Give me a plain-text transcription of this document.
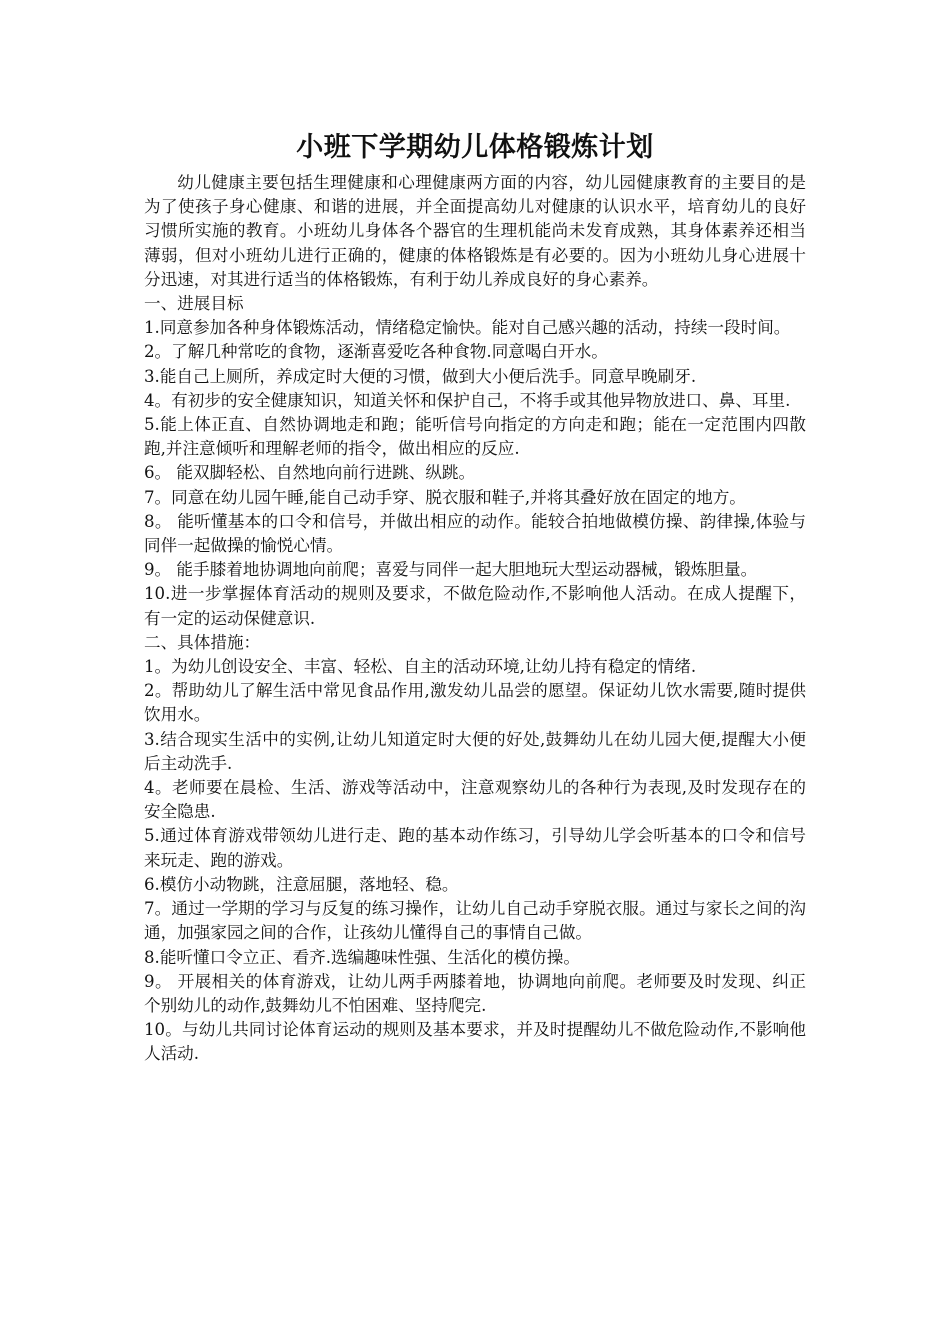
小班下学期幼儿体格锻炼计划

幼儿健康主要包括生理健康和心理健康两方面的内容，幼儿园健康教育的主要目的是为了使孩子身心健康、和谐的进展，并全面提高幼儿对健康的认识水平，培育幼儿的良好习惯所实施的教育。小班幼儿身体各个器官的生理机能尚未发育成熟，其身体素养还相当薄弱，但对小班幼儿进行正确的，健康的体格锻炼是有必要的。因为小班幼儿身心进展十分迅速，对其进行适当的体格锻炼，有利于幼儿养成良好的身心素养。

一、进展目标

1.同意参加各种身体锻炼活动，情绪稳定愉快。能对自己感兴趣的活动，持续一段时间。

2。了解几种常吃的食物，逐渐喜爱吃各种食物.同意喝白开水。

3.能自己上厕所，养成定时大便的习惯，做到大小便后洗手。同意早晚刷牙.

4。有初步的安全健康知识，知道关怀和保护自己，不将手或其他异物放进口、鼻、耳里.

5.能上体正直、自然协调地走和跑；能听信号向指定的方向走和跑；能在一定范围内四散跑,并注意倾听和理解老师的指令，做出相应的反应.

6。 能双脚轻松、自然地向前行进跳、纵跳。

7。同意在幼儿园午睡,能自己动手穿、脱衣服和鞋子,并将其叠好放在固定的地方。

8。 能听懂基本的口令和信号，并做出相应的动作。能较合拍地做模仿操、韵律操,体验与同伴一起做操的愉悦心情。

9。 能手膝着地协调地向前爬；喜爱与同伴一起大胆地玩大型运动器械，锻炼胆量。

10.进一步掌握体育活动的规则及要求，不做危险动作,不影响他人活动。在成人提醒下，有一定的运动保健意识.

二、具体措施：

1。为幼儿创设安全、丰富、轻松、自主的活动环境,让幼儿持有稳定的情绪.

2。帮助幼儿了解生活中常见食品作用,激发幼儿品尝的愿望。保证幼儿饮水需要,随时提供饮用水。

3.结合现实生活中的实例,让幼儿知道定时大便的好处,鼓舞幼儿在幼儿园大便,提醒大小便后主动洗手.

4。老师要在晨检、生活、游戏等活动中，注意观察幼儿的各种行为表现,及时发现存在的安全隐患.

5.通过体育游戏带领幼儿进行走、跑的基本动作练习，引导幼儿学会听基本的口令和信号来玩走、跑的游戏。

6.模仿小动物跳，注意屈腿，落地轻、稳。

7。通过一学期的学习与反复的练习操作，让幼儿自己动手穿脱衣服。通过与家长之间的沟通，加强家园之间的合作，让孩幼儿懂得自己的事情自己做。

8.能听懂口令立正、看齐.选编趣味性强、生活化的模仿操。

9。 开展相关的体育游戏，让幼儿两手两膝着地，协调地向前爬。老师要及时发现、纠正个别幼儿的动作,鼓舞幼儿不怕困难、坚持爬完.

10。与幼儿共同讨论体育运动的规则及基本要求，并及时提醒幼儿不做危险动作,不影响他人活动.
